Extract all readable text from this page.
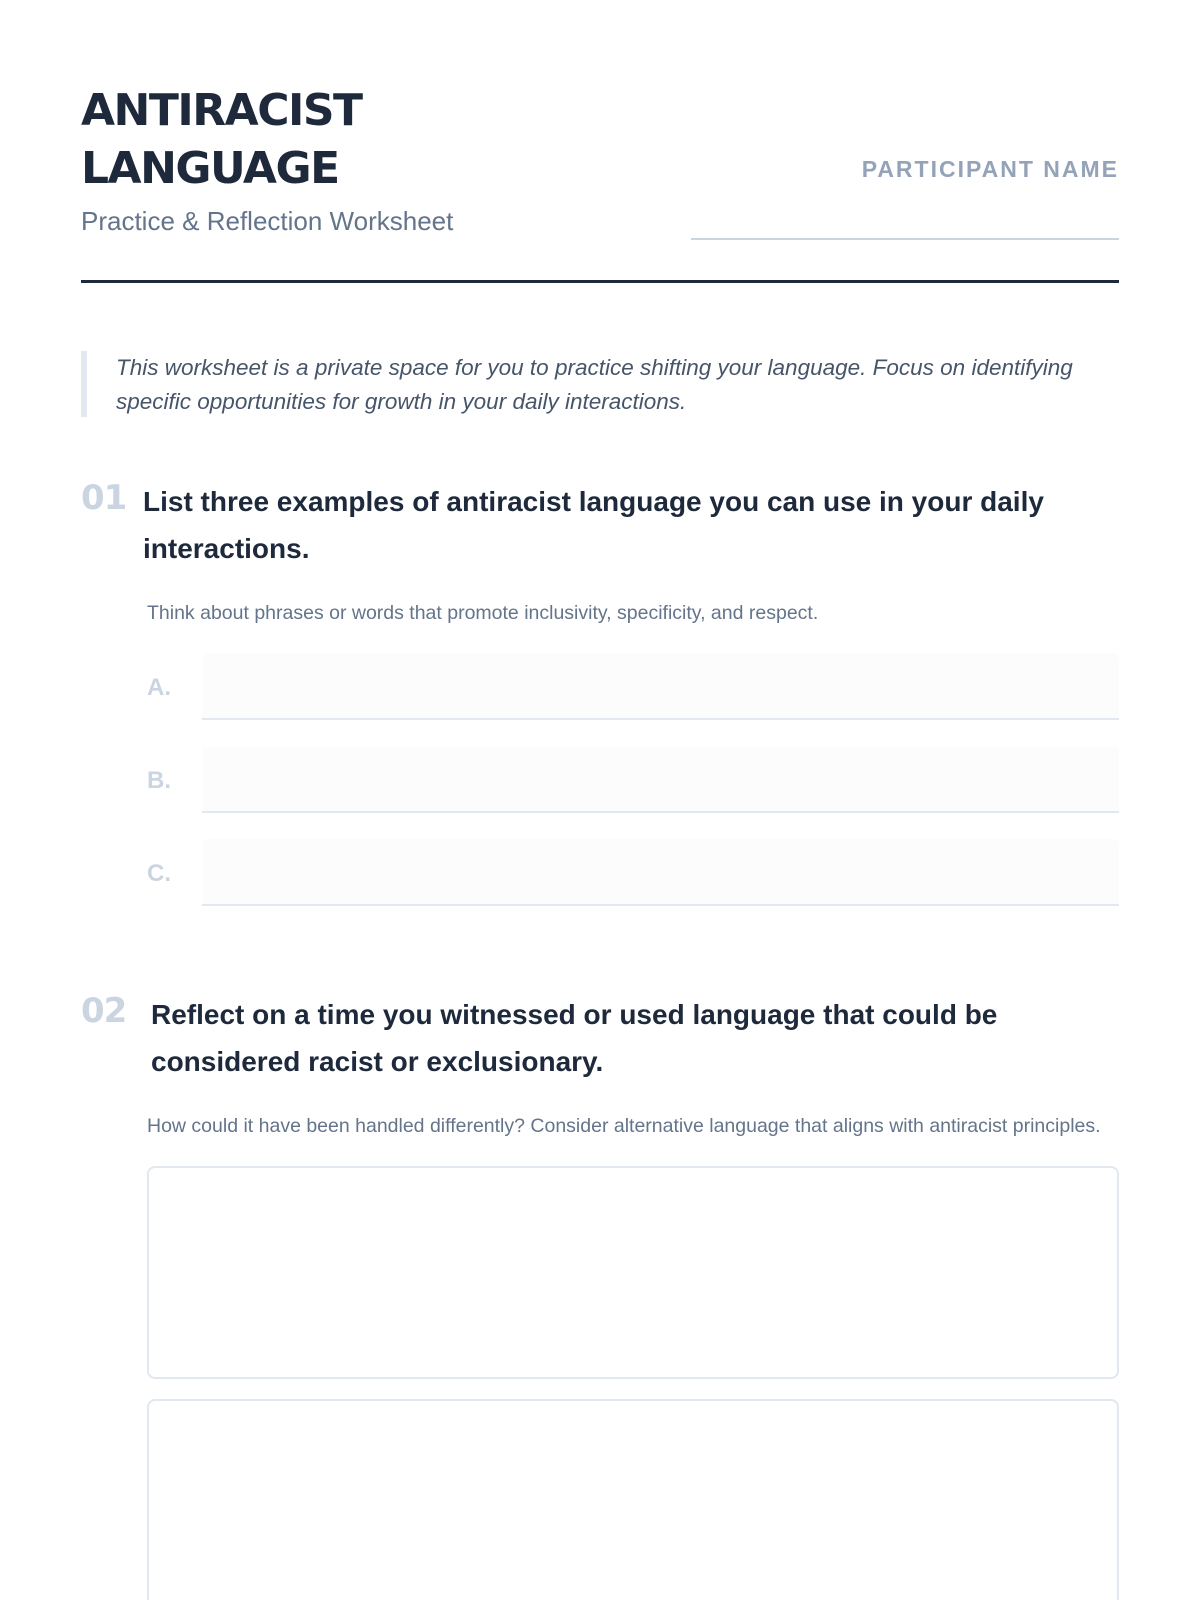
ANTIRACIST
LANGUAGE
Practice & Reflection Worksheet
PARTICIPANT NAME
This worksheet is a private space for you to practice shifting your language. Focus on identifying specific opportunities for growth in your daily interactions.
01 List three examples of antiracist language you can use in your daily interactions.
Think about phrases or words that promote inclusivity, specificity, and respect.
A.
B.
C.
02 Reflect on a time you witnessed or used language that could be considered racist or exclusionary.
How could it have been handled differently? Consider alternative language that aligns with antiracist principles.
